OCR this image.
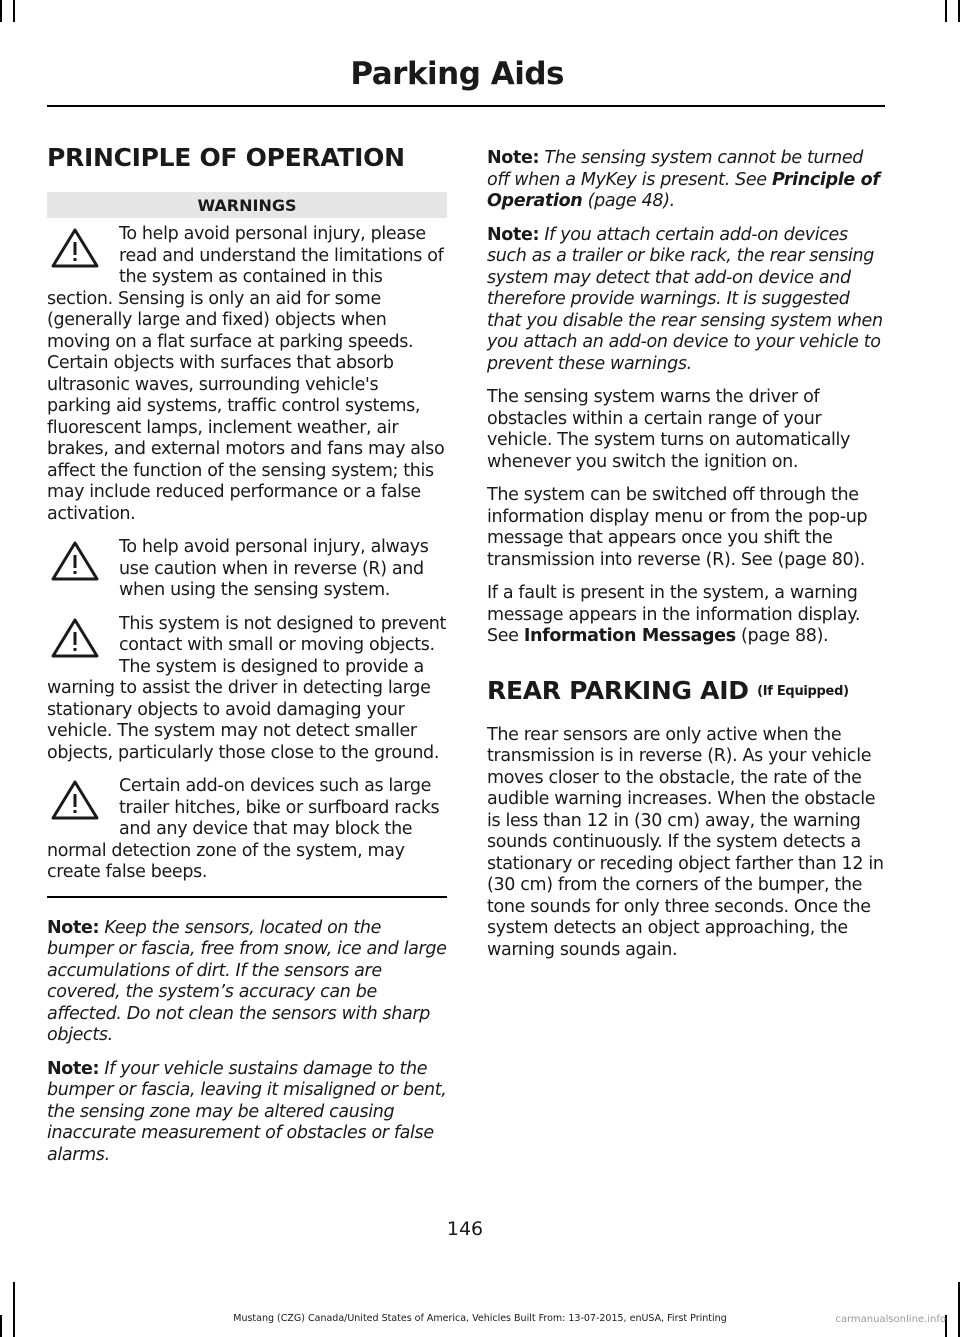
Parking Aids
PRINCIPLE OF OPERATION
WARNINGS
To help avoid personal injury, please read and understand the limitations of the system as contained in this section. Sensing is only an aid for some (generally large and fixed) objects when moving on a flat surface at parking speeds. Certain objects with surfaces that absorb ultrasonic waves, surrounding vehicle's parking aid systems, traffic control systems, fluorescent lamps, inclement weather, air brakes, and external motors and fans may also affect the function of the sensing system; this may include reduced performance or a false activation.
To help avoid personal injury, always use caution when in reverse (R) and when using the sensing system.
This system is not designed to prevent contact with small or moving objects. The system is designed to provide a warning to assist the driver in detecting large stationary objects to avoid damaging your vehicle. The system may not detect smaller objects, particularly those close to the ground.
Certain add-on devices such as large trailer hitches, bike or surfboard racks and any device that may block the normal detection zone of the system, may create false beeps.

Note: Keep the sensors, located on the bumper or fascia, free from snow, ice and large accumulations of dirt. If the sensors are covered, the system’s accuracy can be affected. Do not clean the sensors with sharp objects.

Note: If your vehicle sustains damage to the bumper or fascia, leaving it misaligned or bent, the sensing zone may be altered causing inaccurate measurement of obstacles or false alarms.

Note: The sensing system cannot be turned off when a MyKey is present. See Principle of Operation (page 48).

Note: If you attach certain add-on devices such as a trailer or bike rack, the rear sensing system may detect that add-on device and therefore provide warnings. It is suggested that you disable the rear sensing system when you attach an add-on device to your vehicle to prevent these warnings.

The sensing system warns the driver of obstacles within a certain range of your vehicle. The system turns on automatically whenever you switch the ignition on.

The system can be switched off through the information display menu or from the pop-up message that appears once you shift the transmission into reverse (R). See (page 80).

If a fault is present in the system, a warning message appears in the information display. See Information Messages (page 88).

REAR PARKING AID (If Equipped)

The rear sensors are only active when the transmission is in reverse (R). As your vehicle moves closer to the obstacle, the rate of the audible warning increases. When the obstacle is less than 12 in (30 cm) away, the warning sounds continuously. If the system detects a stationary or receding object farther than 12 in (30 cm) from the corners of the bumper, the tone sounds for only three seconds. Once the system detects an object approaching, the warning sounds again.

146
Mustang (CZG) Canada/United States of America, Vehicles Built From: 13-07-2015, enUSA, First Printing	carmanualsonline.info
